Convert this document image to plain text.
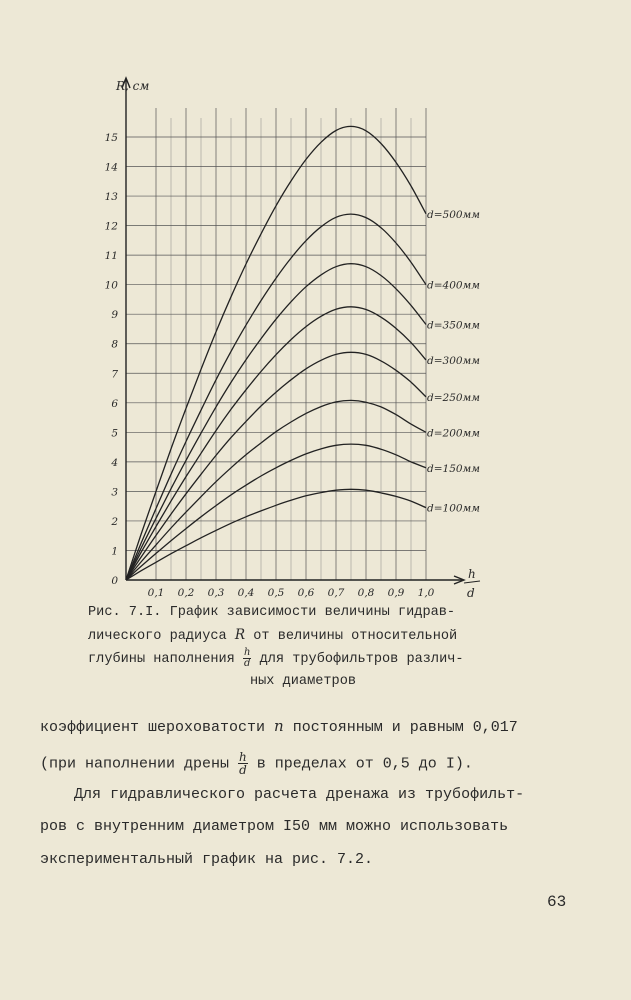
0
1
2
3
4
5
6
7
8
9
10
11
12
13
14
15
0,1 0,2 0,3 0,4 0,5 0,6 0,7 0,8 0,9 1,0
d=500мм
d=400мм
d=350мм
d=300мм
d=250мм
d=200мм
d=150мм
d=100мм
R, см
h
d
Рис. 7.I. График зависимости величины гидрав-
лического радиуса R от величины относительной
глубины наполнения $\frac{h}{d}$ для трубофильтров различ-
ных диаметров
коэффициент шероховатости n постоянным и равным 0,017
(при наполнении дрены $\frac{h}{d}$ в пределах от 0,5 до I).
Для гидравлического расчета дренажа из трубофильт-
ров с внутренним диаметром I50 мм можно использовать
экспериментальный график на рис. 7.2.
63
